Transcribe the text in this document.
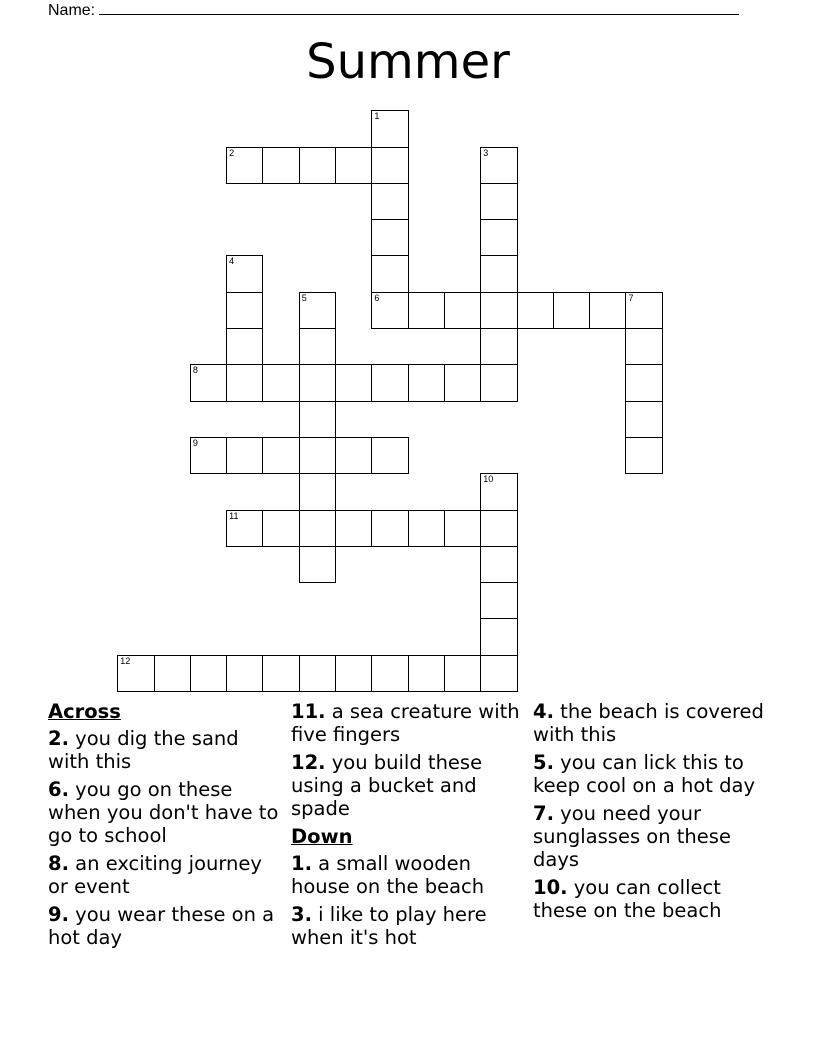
Name:
Summer
1
2	3
4
5	6	7
8
9
10
11
12
Across
2. you dig the sand with this
6. you go on these when you don't have to go to school
8. an exciting journey or event
9. you wear these on a hot day
11. a sea creature with five fingers
12. you build these using a bucket and spade
Down
1. a small wooden house on the beach
3. i like to play here when it's hot
4. the beach is covered with this
5. you can lick this to keep cool on a hot day
7. you need your sunglasses on these days
10. you can collect these on the beach
